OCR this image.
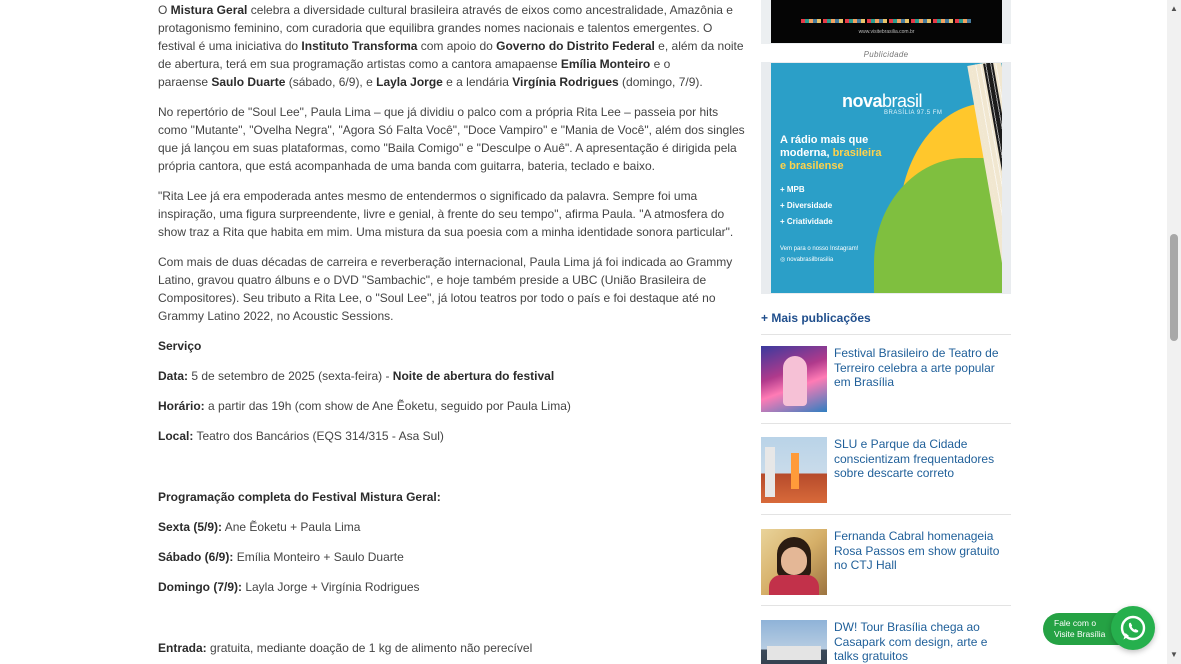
O Mistura Geral celebra a diversidade cultural brasileira através de eixos como ancestralidade, Amazônia e
protagonismo feminino, com curadoria que equilibra grandes nomes nacionais e talentos emergentes. O
festival é uma iniciativa do Instituto Transforma com apoio do Governo do Distrito Federal e, além da noite
de abertura, terá em sua programação artistas como a cantora amapaense Emília Monteiro e o
paraense Saulo Duarte (sábado, 6/9), e Layla Jorge e a lendária Virgínia Rodrigues (domingo, 7/9).
No repertório de "Soul Lee", Paula Lima – que já dividiu o palco com a própria Rita Lee – passeia por hits
como "Mutante", "Ovelha Negra", "Agora Só Falta Você", "Doce Vampiro" e "Mania de Você", além dos singles
que já lançou em suas plataformas, como "Baila Comigo" e "Desculpe o Auê". A apresentação é dirigida pela
própria cantora, que está acompanhada de uma banda com guitarra, bateria, teclado e baixo.
"Rita Lee já era empoderada antes mesmo de entendermos o significado da palavra. Sempre foi uma
inspiração, uma figura surpreendente, livre e genial, à frente do seu tempo", afirma Paula. "A atmosfera do
show traz a Rita que habita em mim. Uma mistura da sua poesia com a minha identidade sonora particular".
Com mais de duas décadas de carreira e reverberação internacional, Paula Lima já foi indicada ao Grammy
Latino, gravou quatro álbuns e o DVD "Sambachic", e hoje também preside a UBC (União Brasileira de
Compositores). Seu tributo a Rita Lee, o "Soul Lee", já lotou teatros por todo o país e foi destaque até no
Grammy Latino 2022, no Acoustic Sessions.
Serviço
Data: 5 de setembro de 2025 (sexta-feira) - Noite de abertura do festival
Horário: a partir das 19h (com show de Ane Ẽoketu, seguido por Paula Lima)
Local: Teatro dos Bancários (EQS 314/315 - Asa Sul)
Programação completa do Festival Mistura Geral:
Sexta (5/9): Ane Ẽoketu + Paula Lima
Sábado (6/9): Emília Monteiro + Saulo Duarte
Domingo (7/9): Layla Jorge + Virgínia Rodrigues
Entrada: gratuita, mediante doação de 1 kg de alimento não perecível
www.visitebrasilia.com.br
Publicidade
novabrasil
BRASÍLIA 97.5 FM
A rádio mais que
moderna, brasileira
e brasilense
+ MPB
+ Diversidade
+ Criatividade
Vem para o nosso Instagram!
◎ novabrasilbrasilia
+ Mais publicações
Festival Brasileiro de Teatro de Terreiro celebra a arte popular em Brasília
SLU e Parque da Cidade conscientizam frequentadores sobre descarte correto
Fernanda Cabral homenageia Rosa Passos em show gratuito no CTJ Hall
DW! Tour Brasília chega ao Casapark com design, arte e talks gratuitos
Fale com o
Visite Brasília
▲
▼
